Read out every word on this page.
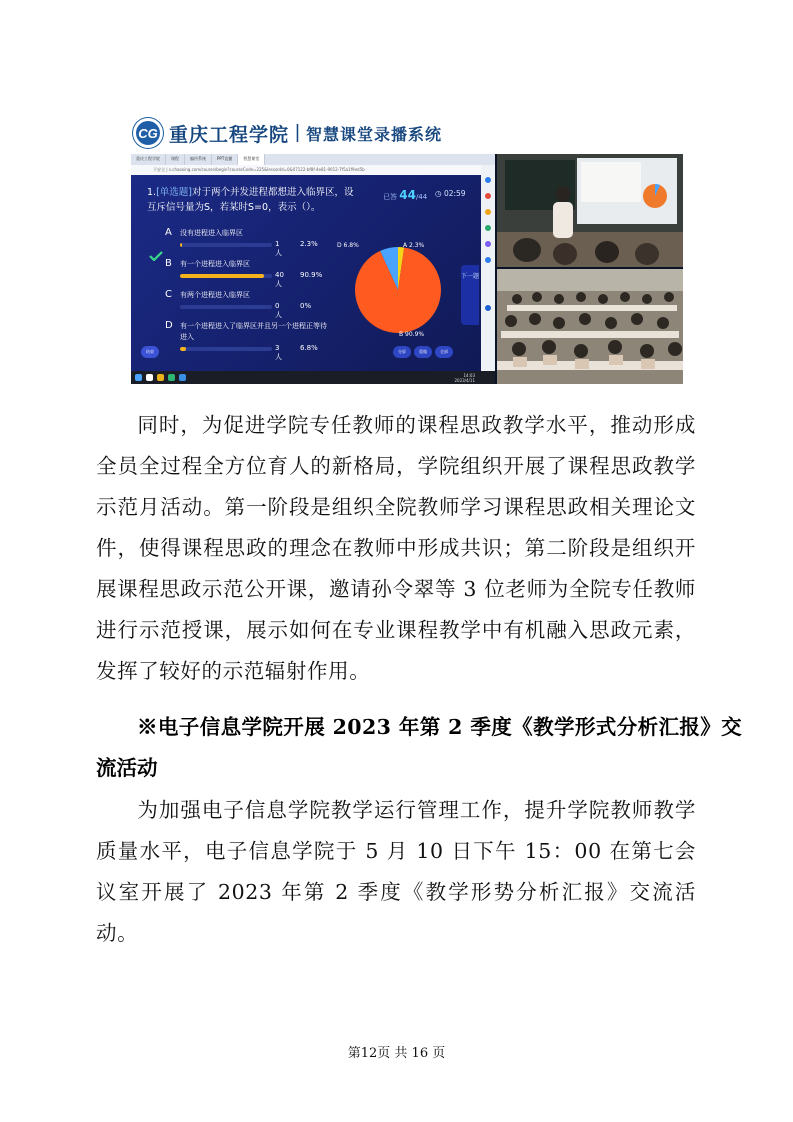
CG 重庆工程学院 | 智慧课堂录播系统
重庆工程学院	课程	编经系统	PPT直播	智慧课堂
不安全 | s.chaoxing.com/course/begin?courseCode=225&lessonId=0&07122-bf8f-4e81-9012-7f5a1f9ed5b
1.[单选题]对于两个并发进程都想进入临界区，设互斥信号量为S，若某时S=0，表示（）。
已答 44/44 ◷ 02:59
A 没有进程进入临界区
1人
2.3%
B 有一个进程进入临界区
40人
90.9%
C 有两个进程进入临界区
0人
0%
D 有一个进程进入了临界区并且另一个进程正等待进入
3人
6.8%
D 6.8%	A 2.3%
B 90.9%
下一题
结束	分屏	重做	全部
14:03
2023/4/11
同时，为促进学院专任教师的课程思政教学水平，推动形成全员全过程全方位育人的新格局，学院组织开展了课程思政教学示范月活动。第一阶段是组织全院教师学习课程思政相关理论文件，使得课程思政的理念在教师中形成共识；第二阶段是组织开展课程思政示范公开课，邀请孙令翠等 3 位老师为全院专任教师进行示范授课，展示如何在专业课程教学中有机融入思政元素，发挥了较好的示范辐射作用。
※电子信息学院开展 2023 年第 2 季度《教学形式分析汇报》交
流活动
为加强电子信息学院教学运行管理工作，提升学院教师教学质量水平，电子信息学院于 5 月 10 日下午 15：00 在第七会议室开展了 2023 年第 2 季度《教学形势分析汇报》交流活动。
第12页 共 16 页
